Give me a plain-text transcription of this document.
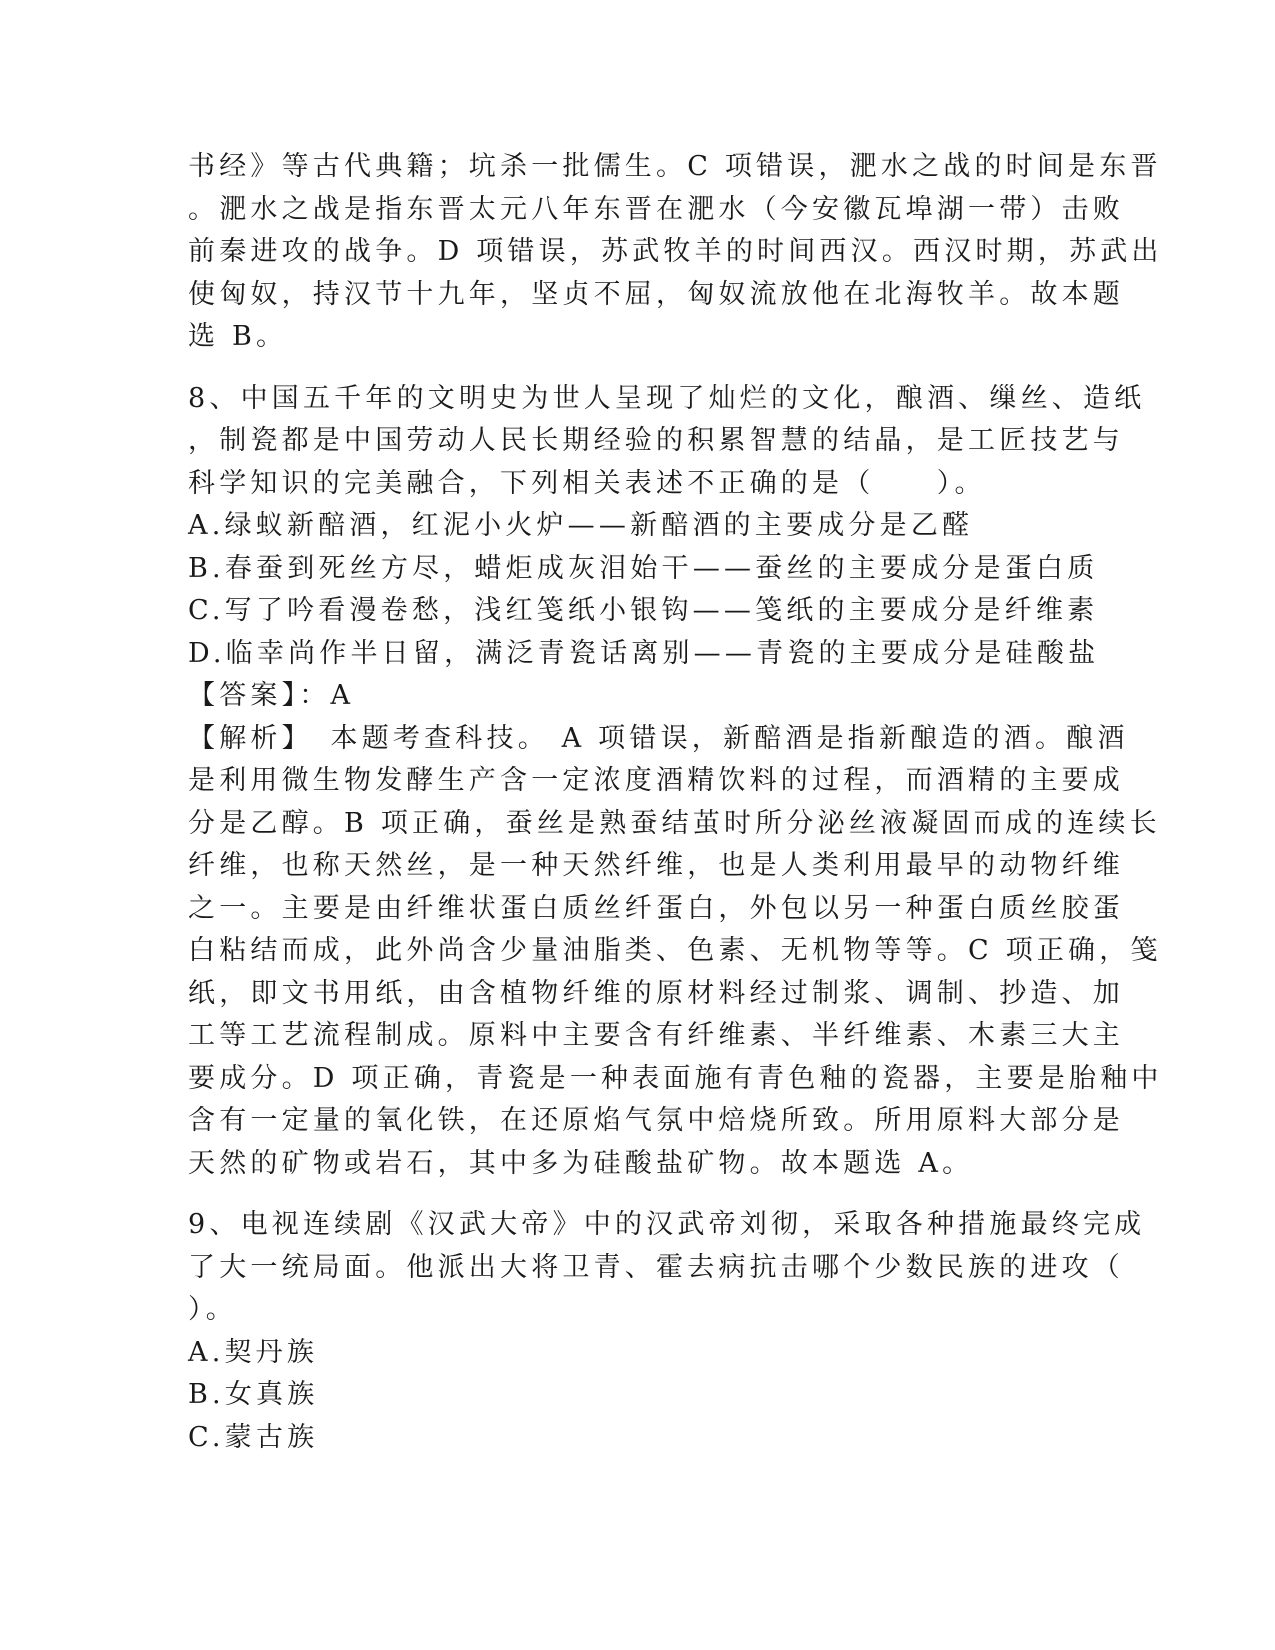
书经》等古代典籍；坑杀一批儒生。C 项错误，淝水之战的时间是东晋
。淝水之战是指东晋太元八年东晋在淝水（今安徽瓦埠湖一带）击败
前秦进攻的战争。D 项错误，苏武牧羊的时间西汉。西汉时期，苏武出
使匈奴，持汉节十九年，坚贞不屈，匈奴流放他在北海牧羊。故本题
选 B。
8、中国五千年的文明史为世人呈现了灿烂的文化，酿酒、缫丝、造纸
，制瓷都是中国劳动人民长期经验的积累智慧的结晶，是工匠技艺与
科学知识的完美融合，下列相关表述不正确的是（　　）。
A.绿蚁新醅酒，红泥小火炉——新醅酒的主要成分是乙醛
B.春蚕到死丝方尽，蜡炬成灰泪始干——蚕丝的主要成分是蛋白质
C.写了吟看漫卷愁，浅红笺纸小银钩——笺纸的主要成分是纤维素
D.临幸尚作半日留，满泛青瓷话离别——青瓷的主要成分是硅酸盐
【答案】：A
【解析】　本题考查科技。 A 项错误，新醅酒是指新酿造的酒。酿酒
是利用微生物发酵生产含一定浓度酒精饮料的过程，而酒精的主要成
分是乙醇。B 项正确，蚕丝是熟蚕结茧时所分泌丝液凝固而成的连续长
纤维，也称天然丝，是一种天然纤维，也是人类利用最早的动物纤维
之一。主要是由纤维状蛋白质丝纤蛋白，外包以另一种蛋白质丝胶蛋
白粘结而成，此外尚含少量油脂类、色素、无机物等等。C 项正确，笺
纸，即文书用纸，由含植物纤维的原材料经过制浆、调制、抄造、加
工等工艺流程制成。原料中主要含有纤维素、半纤维素、木素三大主
要成分。D 项正确，青瓷是一种表面施有青色釉的瓷器，主要是胎釉中
含有一定量的氧化铁，在还原焰气氛中焙烧所致。所用原料大部分是
天然的矿物或岩石，其中多为硅酸盐矿物。故本题选 A。
9、电视连续剧《汉武大帝》中的汉武帝刘彻，采取各种措施最终完成
了大一统局面。他派出大将卫青、霍去病抗击哪个少数民族的进攻（
）。
A.契丹族
B.女真族
C.蒙古族
